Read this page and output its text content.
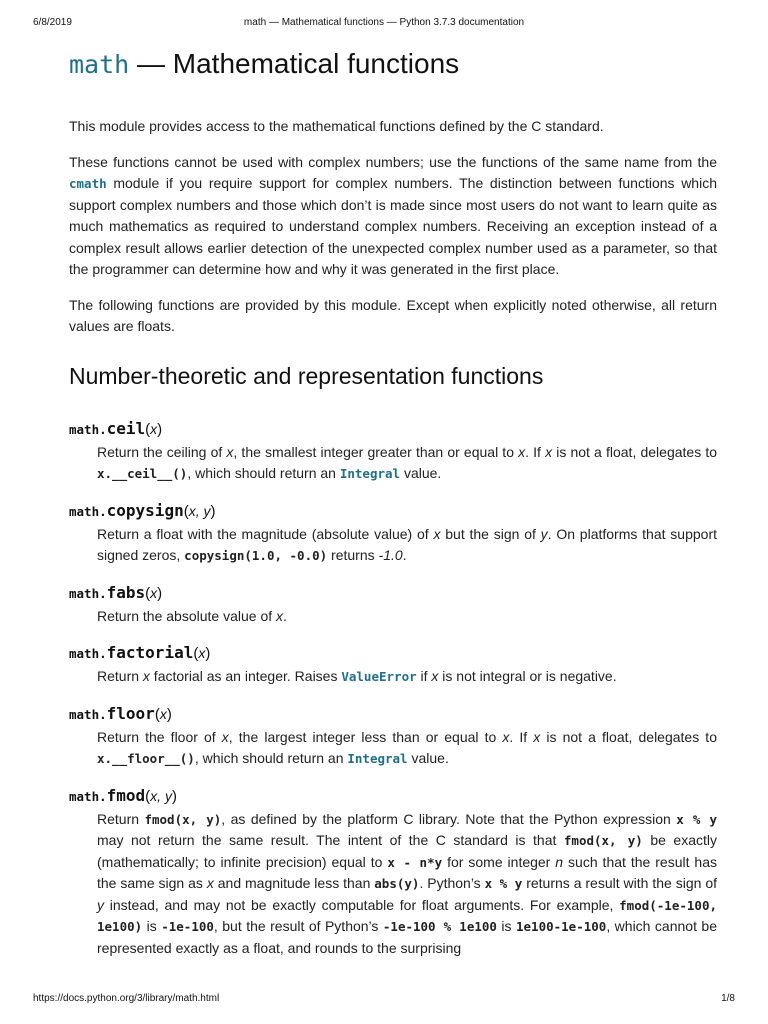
6/8/2019	math — Mathematical functions — Python 3.7.3 documentation
math — Mathematical functions

This module provides access to the mathematical functions defined by the C standard.

These functions cannot be used with complex numbers; use the functions of the same name from the cmath module if you require support for complex numbers. The distinction between functions which support complex numbers and those which don’t is made since most users do not want to learn quite as much mathematics as required to understand complex numbers. Receiving an exception instead of a complex result allows earlier detection of the unexpected complex number used as a parameter, so that the programmer can determine how and why it was generated in the first place.

The following functions are provided by this module. Except when explicitly noted otherwise, all return values are floats.

Number-theoretic and representation functions
math.ceil(x)
Return the ceiling of x, the smallest integer greater than or equal to x. If x is not a float, delegates to x.__ceil__(), which should return an Integral value.
math.copysign(x, y)
Return a float with the magnitude (absolute value) of x but the sign of y. On platforms that support signed zeros, copysign(1.0, -0.0) returns -1.0.
math.fabs(x)
Return the absolute value of x.
math.factorial(x)
Return x factorial as an integer. Raises ValueError if x is not integral or is negative.
math.floor(x)
Return the floor of x, the largest integer less than or equal to x. If x is not a float, delegates to x.__floor__(), which should return an Integral value.
math.fmod(x, y)
Return fmod(x, y), as defined by the platform C library. Note that the Python expression x % y may not return the same result. The intent of the C standard is that fmod(x, y) be exactly (mathematically; to infinite precision) equal to x - n*y for some integer n such that the result has the same sign as x and magnitude less than abs(y). Python’s x % y returns a result with the sign of y instead, and may not be exactly computable for float arguments. For example, fmod(-1e-100, 1e100) is -1e-100, but the result of Python’s -1e-100 % 1e100 is 1e100-1e-100, which cannot be represented exactly as a float, and rounds to the surprising
https://docs.python.org/3/library/math.html	1/8
